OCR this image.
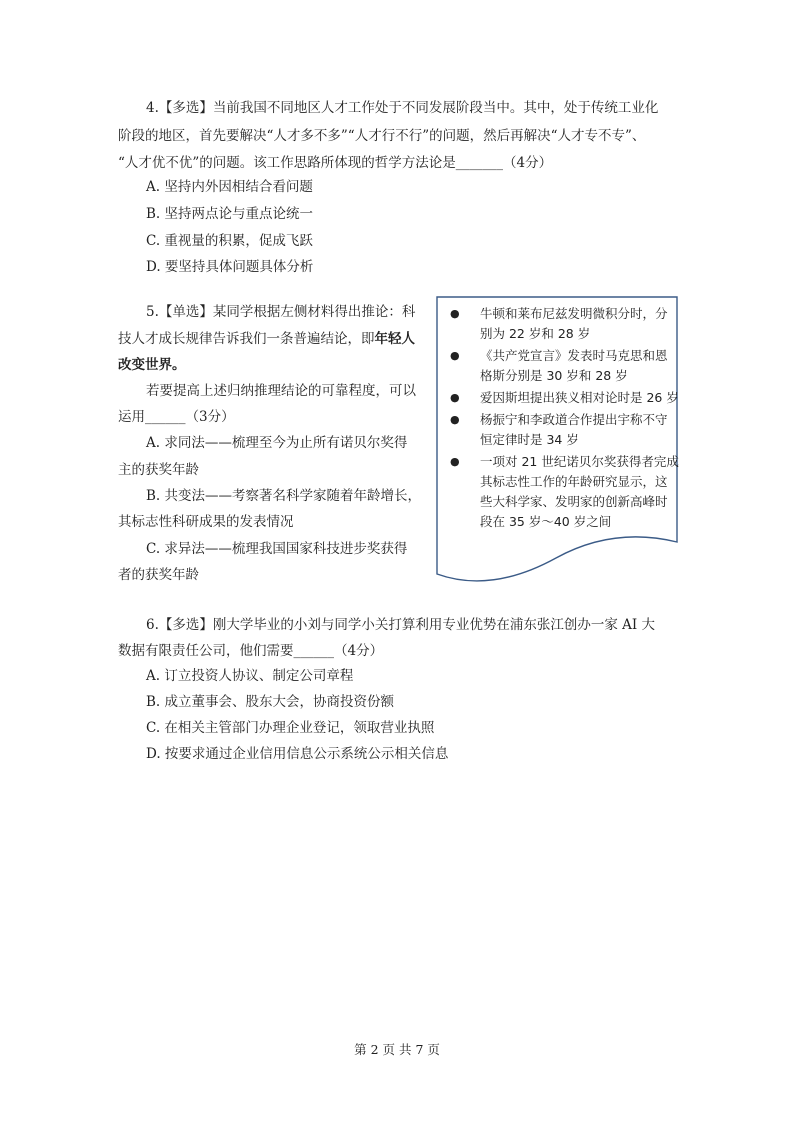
4.【多选】当前我国不同地区人才工作处于不同发展阶段当中。其中，处于传统工业化
阶段的地区，首先要解决“人才多不多”“人才行不行”的问题，然后再解决“人才专不专”、
“人才优不优”的问题。该工作思路所体现的哲学方法论是_______（4分）
A. 坚持内外因相结合看问题
B. 坚持两点论与重点论统一
C. 重视量的积累，促成飞跃
D. 要坚持具体问题具体分析
5.【单选】某同学根据左侧材料得出推论：科
技人才成长规律告诉我们一条普遍结论，即年轻人
改变世界。
若要提高上述归纳推理结论的可靠程度，可以
运用______（3分）
A. 求同法——梳理至今为止所有诺贝尔奖得
主的获奖年龄
B. 共变法——考察著名科学家随着年龄增长，
其标志性科研成果的发表情况
C. 求异法——梳理我国国家科技进步奖获得
者的获奖年龄
● 牛顿和莱布尼兹发明微积分时，分
别为 22 岁和 28 岁
● 《共产党宣言》发表时马克思和恩
格斯分别是 30 岁和 28 岁
● 爱因斯坦提出狭义相对论时是 26 岁
● 杨振宁和李政道合作提出宇称不守
恒定律时是 34 岁
● 一项对 21 世纪诺贝尔奖获得者完成
其标志性工作的年龄研究显示，这
些大科学家、发明家的创新高峰时
段在 35 岁～40 岁之间
6.【多选】刚大学毕业的小刘与同学小关打算利用专业优势在浦东张江创办一家 AI 大
数据有限责任公司，他们需要______（4分）
A. 订立投资人协议、制定公司章程
B. 成立董事会、股东大会，协商投资份额
C. 在相关主管部门办理企业登记，领取营业执照
D. 按要求通过企业信用信息公示系统公示相关信息
第 2 页 共 7 页
